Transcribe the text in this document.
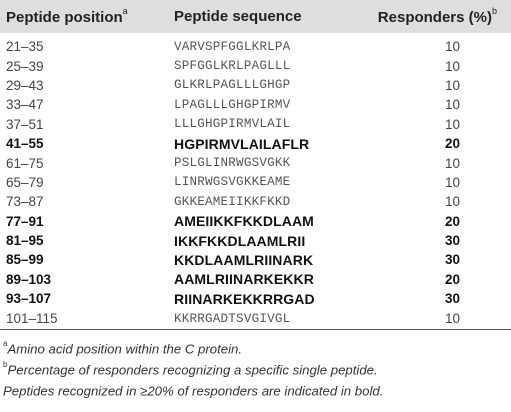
Peptide position$^a$	Peptide sequence	Responders (%)$^b$
21–35	VARVSPFGGLKRLPA	10
25–39	SPFGGLKRLPAGLLL	10
29–43	GLKRLPAGLLLGHGP	10
33–47	LPAGLLLGHGPIRMV	10
37–51	LLLGHGPIRMVLAIL	10
41–55	HGPIRMVLAILAFLR	20
61–75	PSLGLINRWGSVGKK	10
65–79	LINRWGSVGKKEAME	10
73–87	GKKEAMEIIKKFKKD	10
77–91	AMEIIKKFKKDLAAM	20
81–95	IKKFKKDLAAMLRII	30
85–99	KKDLAAMLRIINARK	30
89–103	AAMLRIINARKEKKR	20
93–107	RIINARKEKKRRGAD	30
101–115	KKRRGADTSVGIVGL	10
$^a$Amino acid position within the C protein.
$^b$Percentage of responders recognizing a specific single peptide.
Peptides recognized in ≥20% of responders are indicated in bold.
